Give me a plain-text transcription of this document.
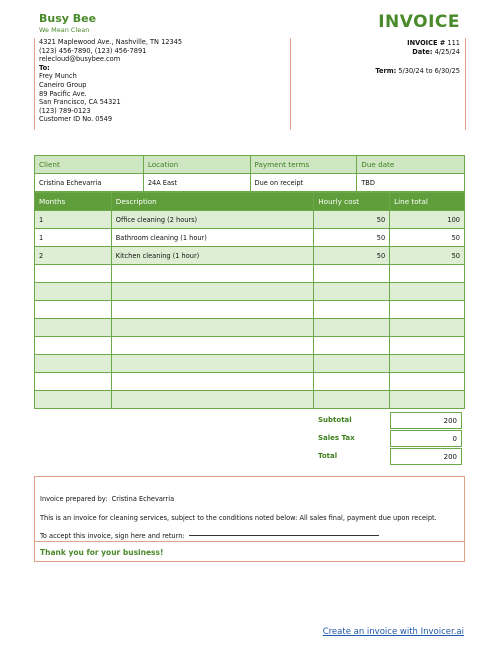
Busy Bee
We Mean Clean
4321 Maplewood Ave., Nashville, TN 12345
(123) 456-7890, (123) 456-7891
relecloud@busybee.com
To:
Frey Munch
Caneiro Group
89 Pacific Ave.
San Francisco, CA 54321
(123) 789-0123
Customer ID No. 0549
INVOICE
INVOICE # 111
Date: 4/25/24
Term: 5/30/24 to 6/30/25
Client	Location	Payment terms	Due date
Cristina Echevarria	24A East	Due on receipt	TBD
Months	Description	Hourly cost	Line total
1	Office cleaning (2 hours)	50	100
1	Bathroom cleaning (1 hour)	50	50
2	Kitchen cleaning (1 hour)	50	50

Subtotal	200
Sales Tax	0
Total	200
Invoice prepared by: Cristina Echevarria
This is an invoice for cleaning services, subject to the conditions noted below: All sales final, payment due upon receipt.
To accept this invoice, sign here and return:
Thank you for your business!
Create an invoice with Invoicer.ai
